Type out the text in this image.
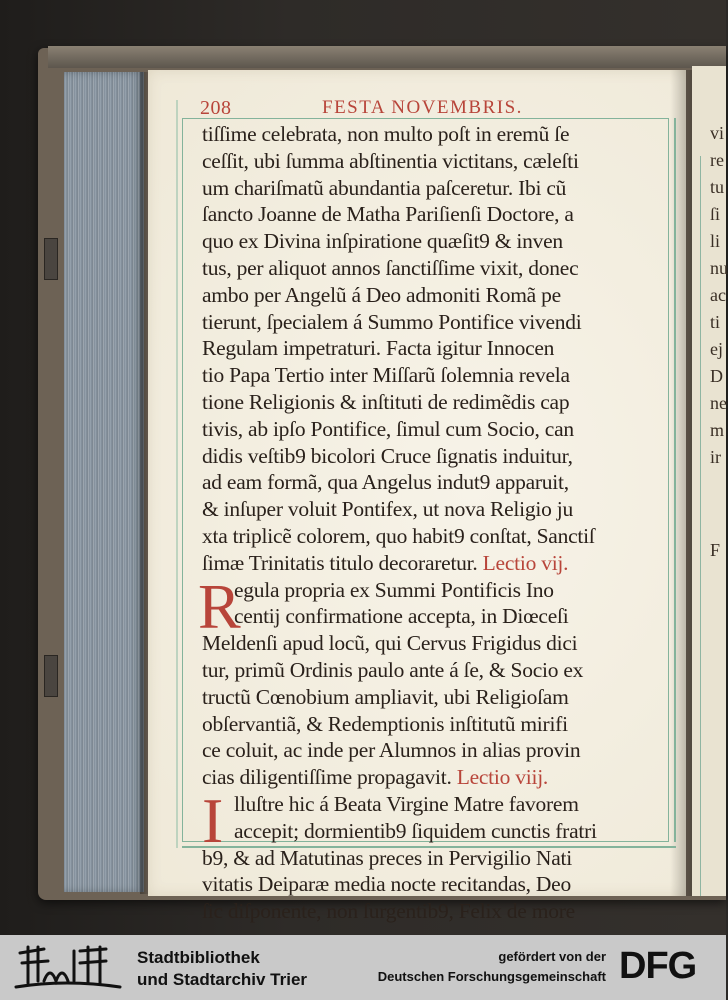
vi
re
tu
ſi
li
nu
ac
ti
ej
D
ne
m
ir
F
208	FESTA NOVEMBRIS.
tiſſime celebrata, non multo poſt in eremũ ſe
ceſſit, ubi ſumma abſtinentia victitans, cæleſti
um chariſmatũ abundantia paſceretur. Ibi cũ
ſancto Joanne de Matha Pariſienſi Doctore, a
quo ex Divina inſpiratione quæſit9 & inven
tus, per aliquot annos ſanctiſſime vixit, donec
ambo per Angelũ á Deo admoniti Romã pe
tierunt, ſpecialem á Summo Pontifice vivendi
Regulam impetraturi. Facta igitur Innocen
tio Papa Tertio inter Miſſarũ ſolemnia revela
tione Religionis & inſtituti de redimẽdis cap
tivis, ab ipſo Pontifice, ſimul cum Socio, can
didis veſtib9 bicolori Cruce ſignatis induitur,
ad eam formã, qua Angelus indut9 apparuit,
& inſuper voluit Pontifex, ut nova Religio ju
xta triplicẽ colorem, quo habit9 conſtat, Sanctiſ
ſimæ Trinitatis titulo decoraretur. Lectio vij.
R
egula propria ex Summi Pontificis Ino
centij confirmatione accepta, in Diœceſi
Meldenſi apud locũ, qui Cervus Frigidus dici
tur, primũ Ordinis paulo ante á ſe, & Socio ex
tructũ Cœnobium ampliavit, ubi Religioſam
obſervantiã, & Redemptionis inſtitutũ mirifi
ce coluit, ac inde per Alumnos in alias provin
cias diligentiſſime propagavit. Lectio viij.
I lluſtre hic á Beata Virgine Matre favorem
accepit; dormientib9 ſiquidem cunctis fratri
b9, & ad Matutinas preces in Pervigilio Nati
vitatis Deiparæ media nocte recitandas, Deo
ſic diſponente, non ſurgentib9, Felix de more
Stadtbibliothek
und Stadtarchiv Trier
gefördert von der
Deutschen Forschungsgemeinschaft DFG
